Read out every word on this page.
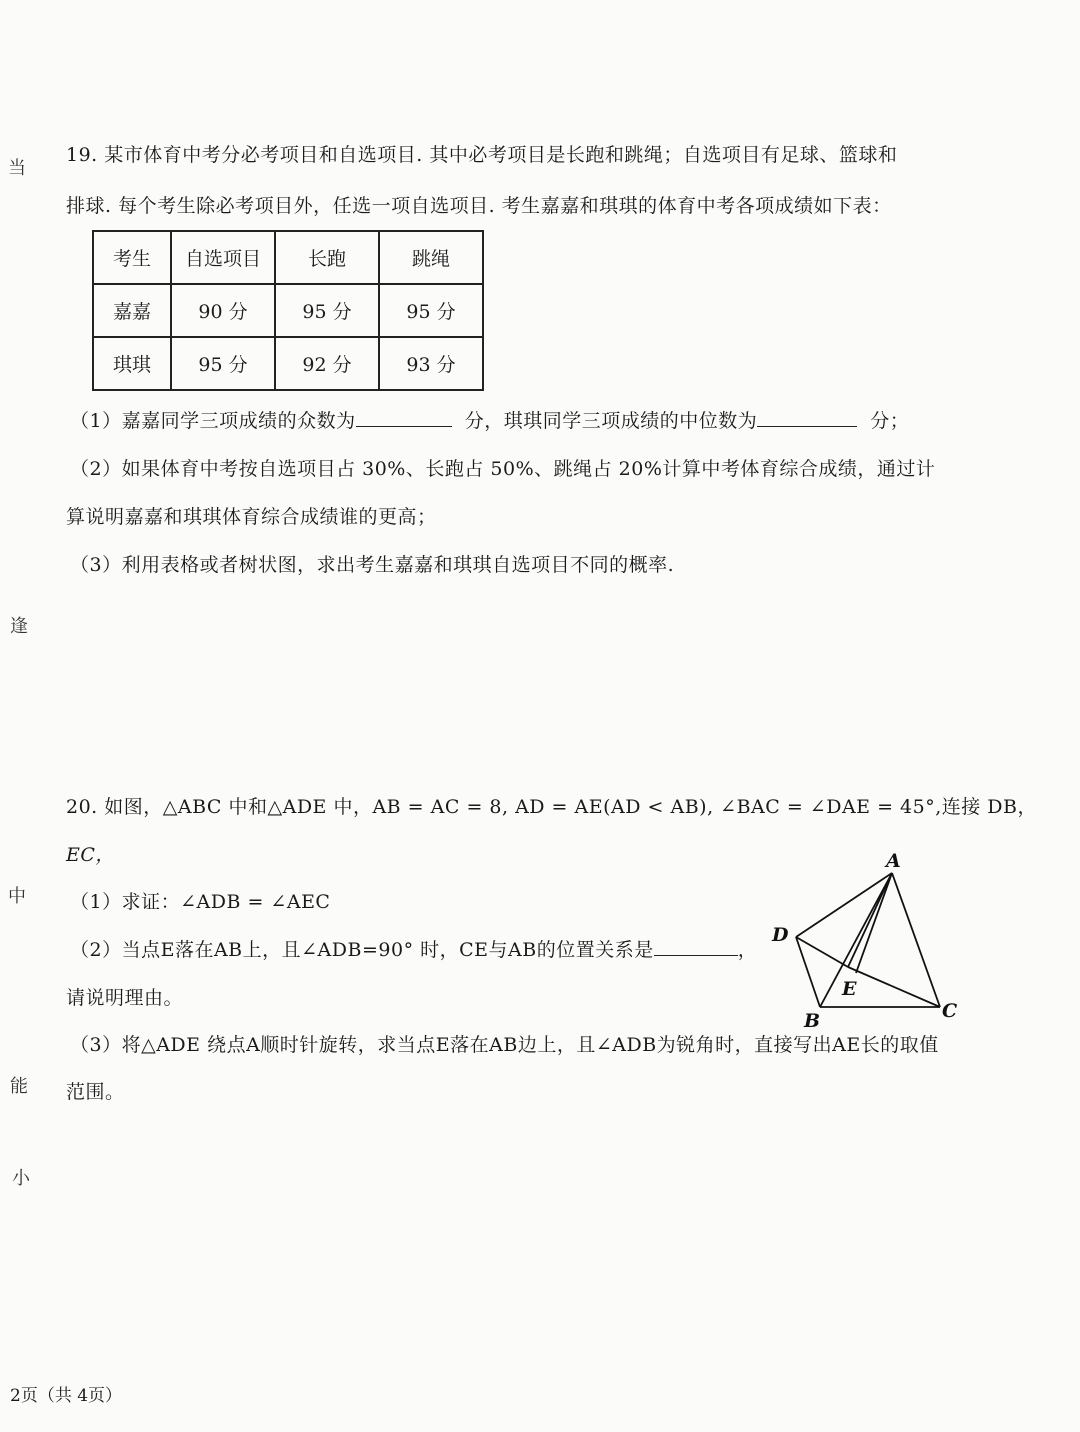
当
逢
中
能
小
19. 某市体育中考分必考项目和自选项目. 其中必考项目是长跑和跳绳；自选项目有足球、篮球和
排球. 每个考生除必考项目外，任选一项自选项目. 考生嘉嘉和琪琪的体育中考各项成绩如下表：
考生	自选项目	长跑	跳绳
嘉嘉	90 分	95 分	95 分
琪琪	95 分	92 分	93 分
（1）嘉嘉同学三项成绩的众数为	分，琪琪同学三项成绩的中位数为	分；
（2）如果体育中考按自选项目占 30%、长跑占 50%、跳绳占 20%计算中考体育综合成绩，通过计
算说明嘉嘉和琪琪体育综合成绩谁的更高；
（3）利用表格或者树状图，求出考生嘉嘉和琪琪自选项目不同的概率.
20. 如图，△ABC 中和△ADE 中，AB = AC = 8, AD = AE(AD < AB), ∠BAC = ∠DAE = 45°,连接 DB，
EC，
（1）求证：∠ADB = ∠AEC
（2）当点E落在AB上，且∠ADB=90° 时，CE与AB的位置关系是	，
请说明理由。
（3）将△ADE 绕点A顺时针旋转，求当点E落在AB边上，且∠ADB为锐角时，直接写出AE长的取值
范围。
A
D
E
B	C
2页（共 4页）
